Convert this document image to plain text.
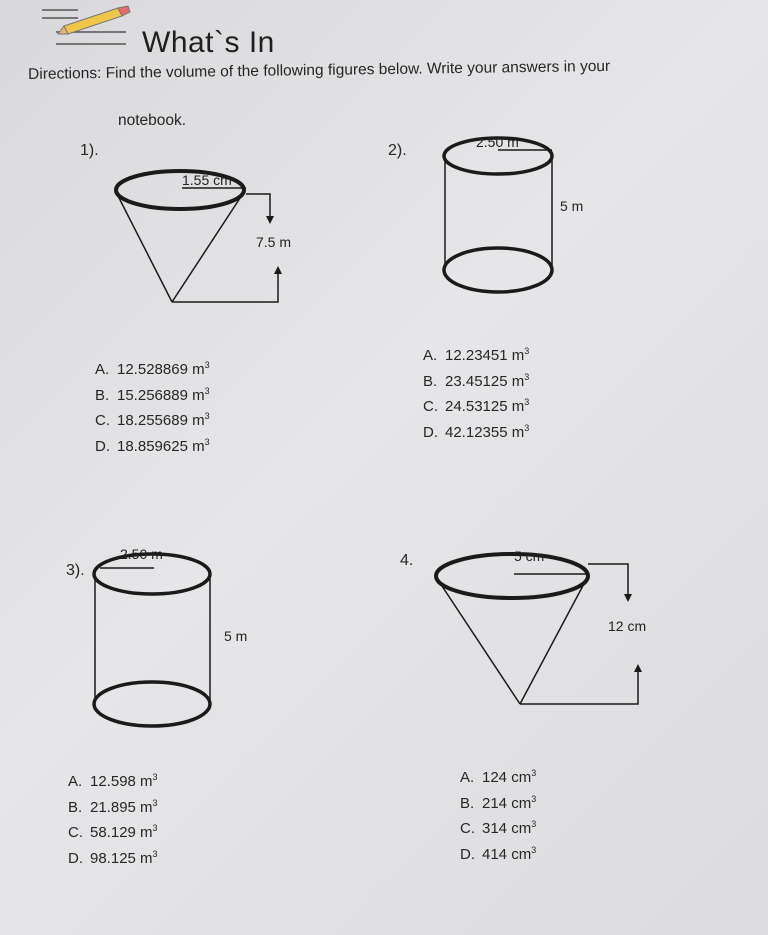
What`s In
Directions: Find the volume of the following figures below. Write your answers in your
notebook.
1).
1.55 cm
7.5 m
A. 12.528869 $m^3$
B. 15.256889 $m^3$
C. 18.255689 $m^3$
D. 18.859625 $m^3$
2).	2.50 m
5 m
A. 12.23451 $m^3$
B. 23.45125 $m^3$
C. 24.53125 $m^3$
D. 42.12355 $m^3$
3).
2.50 m
5 m
A. 12.598 $m^3$
B. 21.895 $m^3$
C. 58.129 $m^3$
D. 98.125 $m^3$
4.	5 cm
12 cm
A. 124 $cm^3$
B. 214 $cm^3$
C. 314 $cm^3$
D. 414 $cm^3$
